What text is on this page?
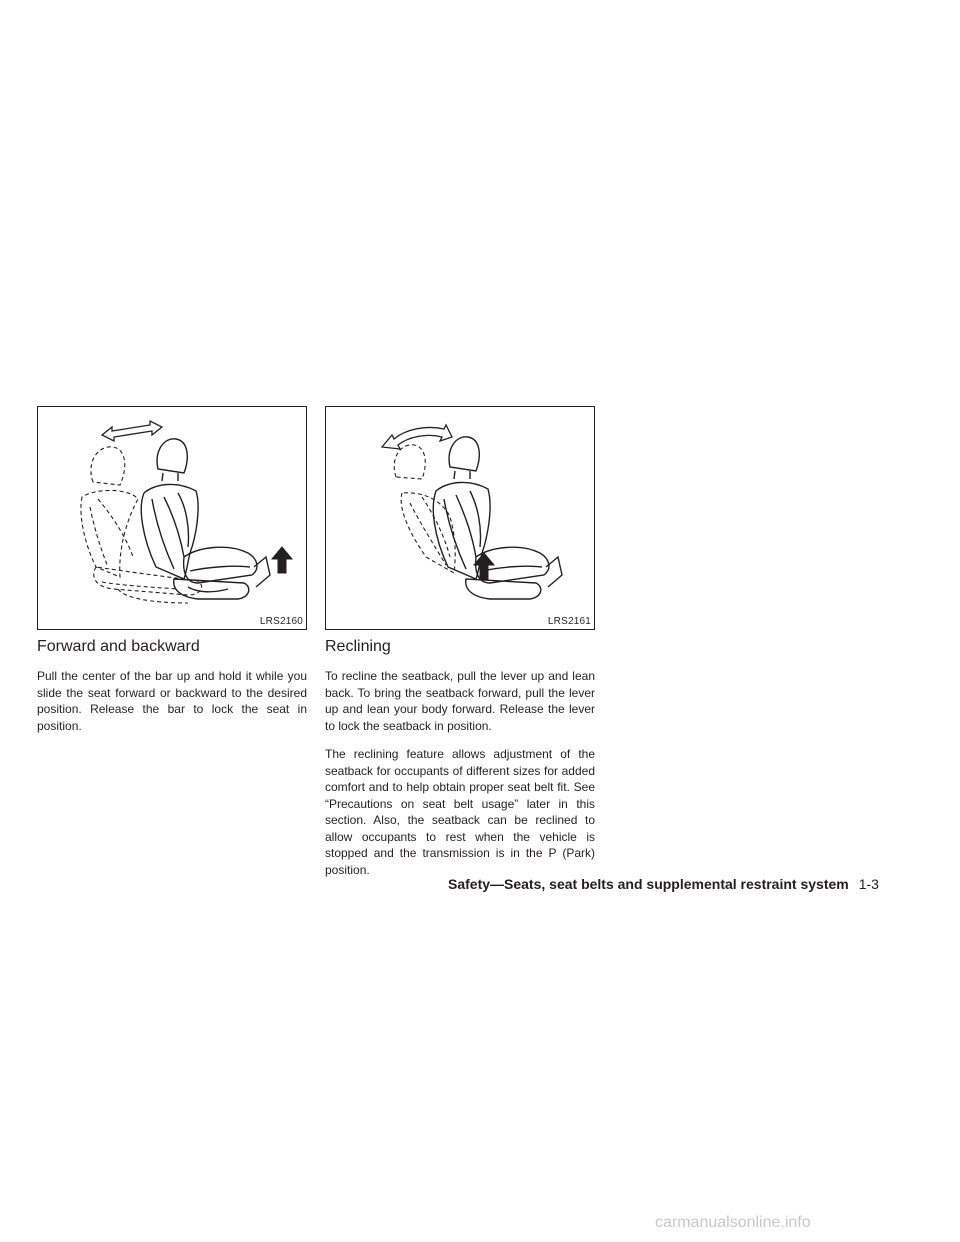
LRS2160
Forward and backward

Pull the center of the bar up and hold it while you slide the seat forward or backward to the desired position. Release the bar to lock the seat in position.

LRS2161
Reclining

To recline the seatback, pull the lever up and lean back. To bring the seatback forward, pull the lever up and lean your body forward. Release the lever to lock the seatback in position.

The reclining feature allows adjustment of the seatback for occupants of different sizes for added comfort and to help obtain proper seat belt fit. See “Precautions on seat belt usage” later in this section. Also, the seatback can be reclined to allow occupants to rest when the vehicle is stopped and the transmission is in the P (Park) position.

Safety—Seats, seat belts and supplemental restraint system 1-3
carmanualsonline.info
